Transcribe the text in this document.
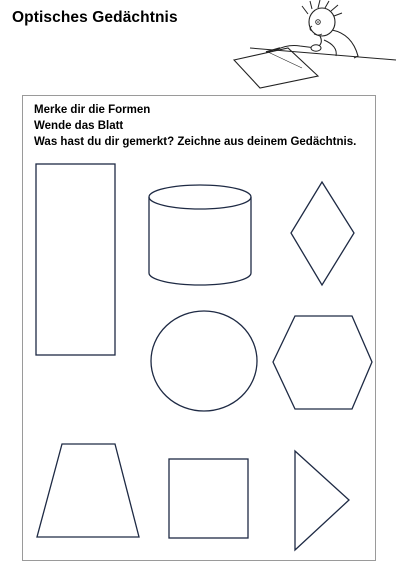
Optisches Gedächtnis
Merke dir die Formen
Wende das Blatt
Was hast du dir gemerkt? Zeichne aus deinem Gedächtnis.
